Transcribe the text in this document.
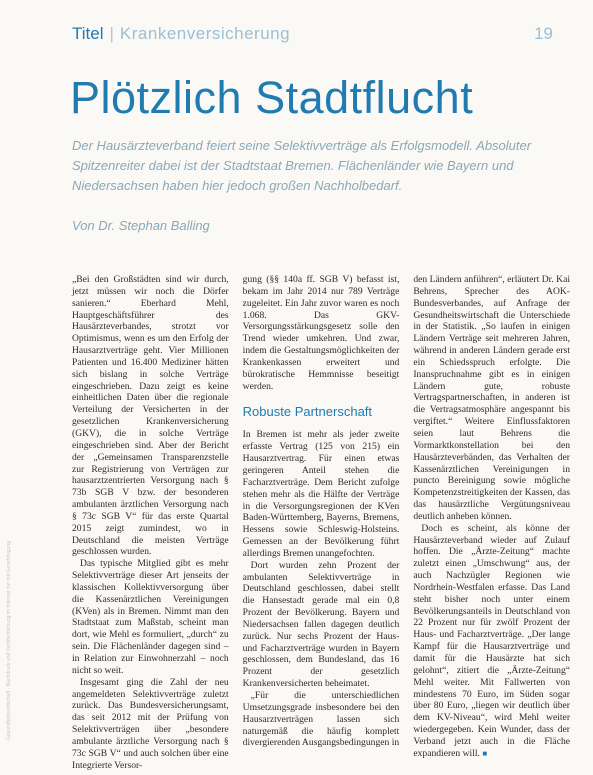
Titel | Krankenversicherung	19
Plötzlich Stadtflucht
Der Hausärzteverband feiert seine Selektivverträge als Erfolgsmodell. Absoluter Spitzenreiter dabei ist der Stadtstaat Bremen. Flächenländer wie Bayern und Niedersachsen haben hier jedoch großen Nachholbedarf.
Von Dr. Stephan Balling

„Bei den Großstädten sind wir durch, jetzt müssen wir noch die Dörfer sanieren.“ Eberhard Mehl, Hauptgeschäftsführer des Hausärzteverbandes, strotzt vor Optimismus, wenn es um den Erfolg der Hausarztverträge geht. Vier Millionen Patienten und 16.400 Mediziner hätten sich bislang in solche Verträge eingeschrieben. Dazu zeigt es keine einheitlichen Daten über die regionale Verteilung der Versicherten in der gesetzlichen Krankenversicherung (GKV), die in solche Verträge eingeschrieben sind. Aber der Bericht der „Gemeinsamen Transparenzstelle zur Registrierung von Verträgen zur hausarztzentrierten Versorgung nach § 73b SGB V bzw. der besonderen ambulanten ärztlichen Versorgung nach § 73c SGB V“ für das erste Quartal 2015 zeigt zumindest, wo in Deutschland die meisten Verträge geschlossen wurden.

Das typische Mitglied gibt es mehr Selektivverträge dieser Art jenseits der klassischen Kollektivversorgung über die Kassenärztlichen Vereinigungen (KVen) als in Bremen. Nimmt man den Stadtstaat zum Maßstab, scheint man dort, wie Mehl es formuliert, „durch“ zu sein. Die Flächenländer dagegen sind – in Relation zur Einwohnerzahl – noch nicht so weit.

Insgesamt ging die Zahl der neu angemeldeten Selektivverträge zuletzt zurück. Das Bundesversicherungsamt, das seit 2012 mit der Prüfung von Selektivverträgen über „besondere ambulante ärztliche Versorgung nach § 73c SGB V“ und auch solchen über eine Integrierte Versor-

gung (§§ 140a ff. SGB V) befasst ist, bekam im Jahr 2014 nur 789 Verträge zugeleitet. Ein Jahr zuvor waren es noch 1.068. Das GKV-Versorgungsstärkungsgesetz solle den Trend wieder umkehren. Und zwar, indem die Gestaltungsmöglichkeiten der Krankenkassen erweitert und bürokratische Hemmnisse beseitigt werden.

Robuste Partnerschaft

In Bremen ist mehr als jeder zweite erfasste Vertrag (125 von 215) ein Hausarztvertrag. Für einen etwas geringeren Anteil stehen die Facharztverträge. Dem Bericht zufolge stehen mehr als die Hälfte der Verträge in die Versorgungsregionen der KVen Baden-Württemberg, Bayerns, Bremens, Hessens sowie Schleswig-Holsteins. Gemessen an der Bevölkerung führt allerdings Bremen unangefochten.

Dort wurden zehn Prozent der ambulanten Selektivverträge in Deutschland geschlossen, dabei stellt die Hansestadt gerade mal ein 0,8 Prozent der Bevölkerung. Bayern und Niedersachsen fallen dagegen deutlich zurück. Nur sechs Prozent der Haus- und Facharztverträge wurden in Bayern geschlossen, dem Bundesland, das 16 Prozent der gesetzlich Krankenversicherten beheimatet.

„Für die unterschiedlichen Umsetzungsgrade insbesondere bei den Hausarztverträgen lassen sich naturgemäß die häufig komplett divergierenden Ausgangsbedingungen in

den Ländern anführen“, erläutert Dr. Kai Behrens, Sprecher des AOK-Bundesverbandes, auf Anfrage der Gesundheitswirtschaft die Unterschiede in der Statistik. „So laufen in einigen Ländern Verträge seit mehreren Jahren, während in anderen Ländern gerade erst ein Schiedsspruch erfolgte. Die Inanspruchnahme gibt es in einigen Ländern gute, robuste Vertragspartnerschaften, in anderen ist die Vertragsatmosphäre angespannt bis vergiftet.“ Weitere Einflussfaktoren seien laut Behrens die Vormarktkonstellation bei den Hausärzteverbänden, das Verhalten der Kassenärztlichen Vereinigungen in puncto Bereinigung sowie mögliche Kompetenzstreitigkeiten der Kassen, das das hausärztliche Vergütungsniveau deutlich anheben können.

Doch es scheint, als könne der Hausärzteverband wieder auf Zulauf hoffen. Die „Ärzte-Zeitung“ machte zuletzt einen „Umschwung“ aus, der auch Nachzügler Regionen wie Nordrhein-Westfalen erfasse. Das Land steht bisher noch unter einem Bevölkerungsanteils in Deutschland von 22 Prozent nur für zwölf Prozent der Haus- und Facharztverträge. „Der lange Kampf für die Hausarztverträge und damit für die Hausärzte hat sich gelohnt“, zitiert die „Ärzte-Zeitung“ Mehl weiter. Mit Fallwerten von mindestens 70 Euro, im Süden sogar über 80 Euro, „liegen wir deutlich über dem KV-Niveau“, wird Mehl weiter wiedergegeben. Kein Wunder, dass der Verband jetzt auch in die Fläche expandieren will. ■

Gesundheitswirtschaft · Nachdruck und Veröffentlichung im Internet nur mit Genehmigung
